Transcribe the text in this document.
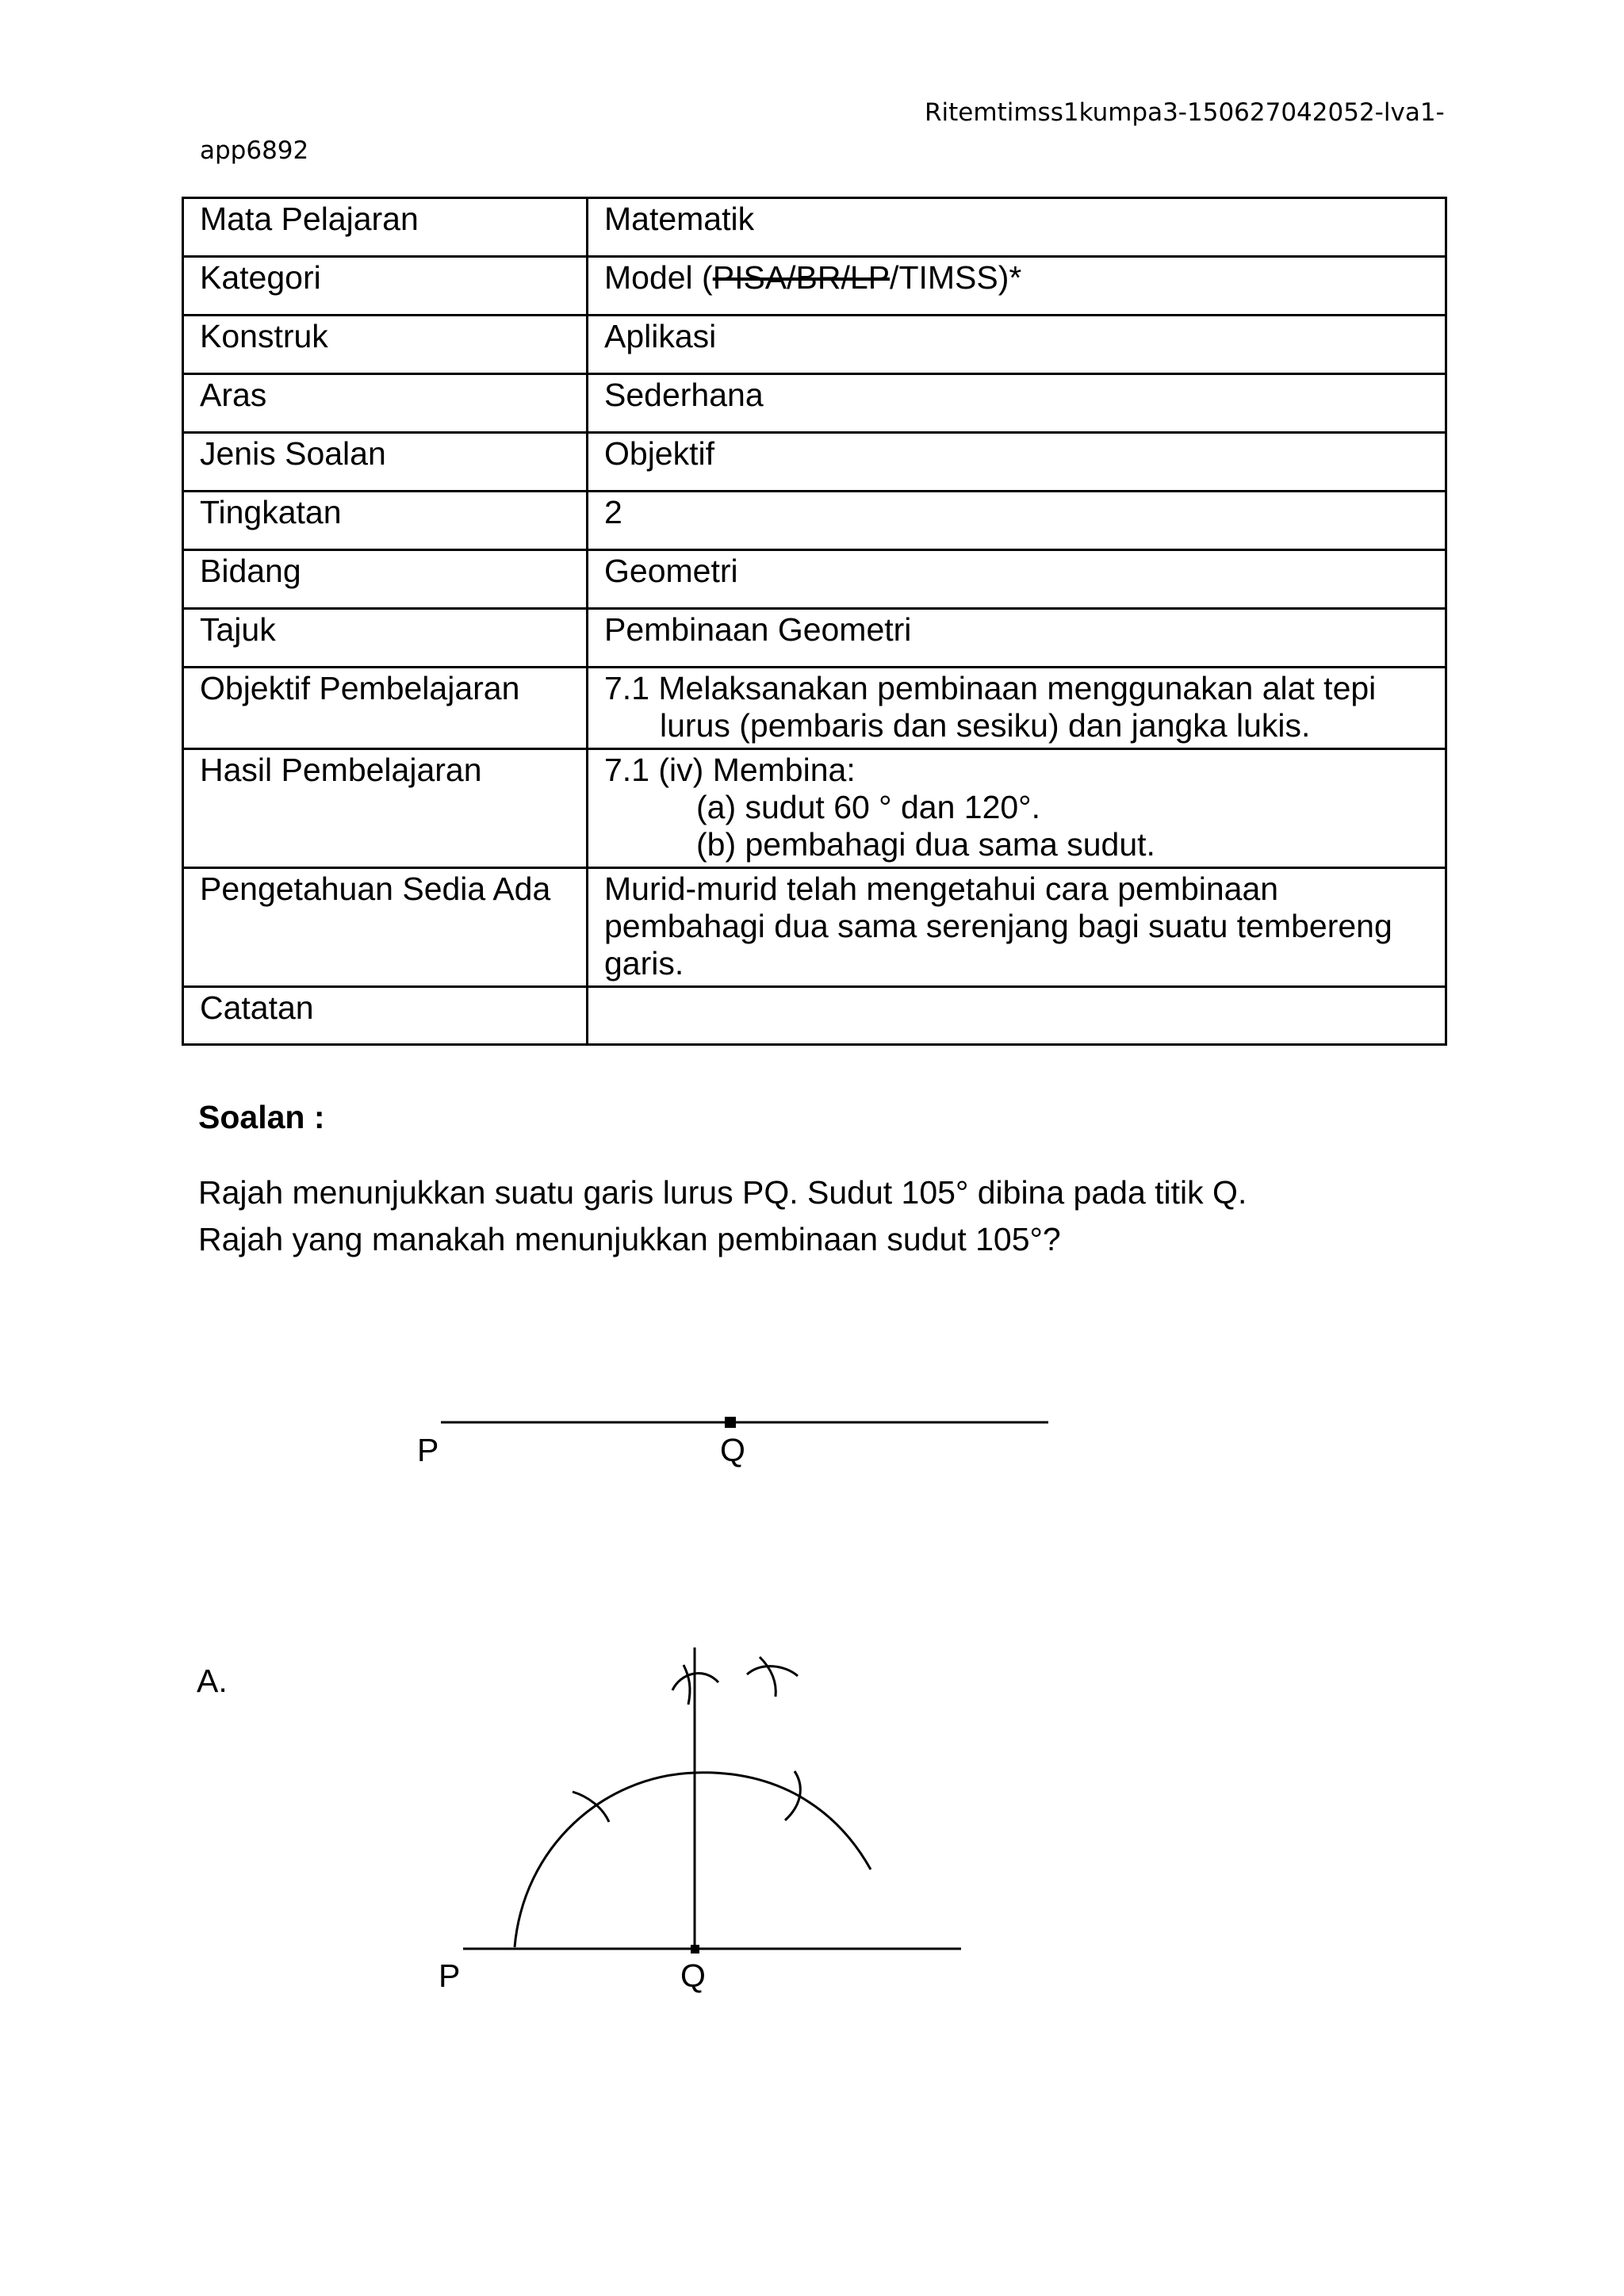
Ritemtimss1kumpa3-150627042052-lva1-
app6892
Mata Pelajaran	Matematik
Kategori	Model (PISA/BR/LP/TIMSS)*
Konstruk	Aplikasi
Aras	Sederhana
Jenis Soalan	Objektif
Tingkatan	2
Bidang	Geometri
Tajuk	Pembinaan Geometri
Objektif Pembelajaran	7.1 Melaksanakan pembinaan menggunakan alat tepi
lurus (pembaris dan sesiku) dan jangka lukis.

Hasil Pembelajaran	7.1 (iv) Membina:
(a) sudut 60 ° dan 120°.
(b) pembahagi dua sama sudut.

Pengetahuan Sedia Ada	Murid-murid telah mengetahui cara pembinaan
pembahagi dua sama serenjang bagi suatu tembereng
garis.

Catatan	
Soalan :
Rajah menunjukkan suatu garis lurus PQ. Sudut 105° dibina pada titik Q.
Rajah yang manakah menunjukkan pembinaan sudut 105°?
P	Q
P	Q
A.
